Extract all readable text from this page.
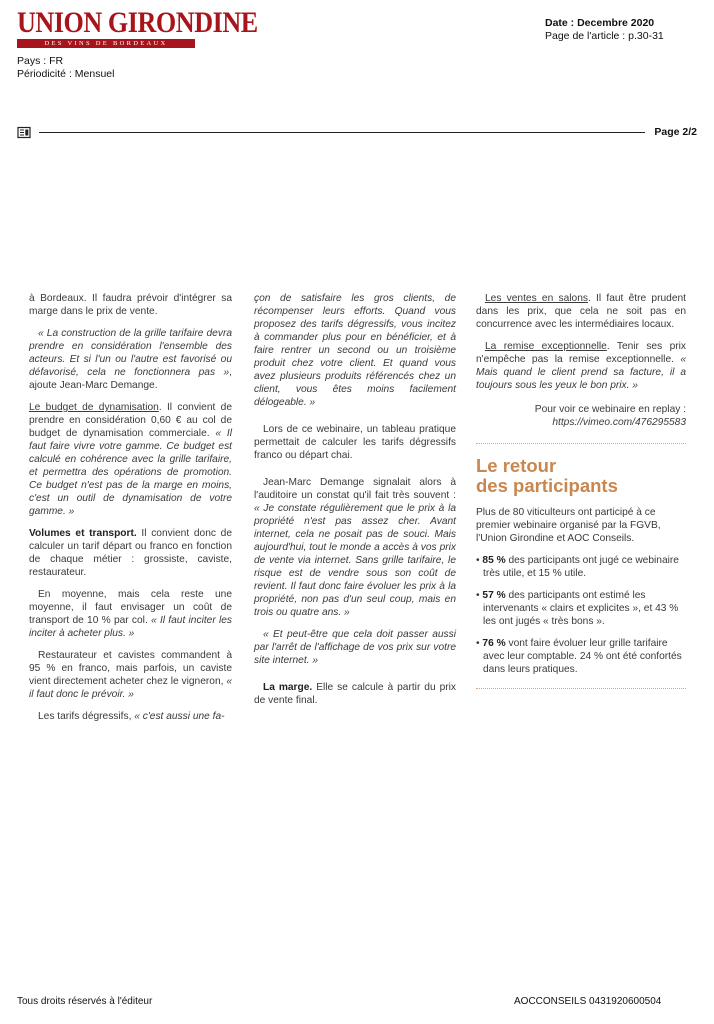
UNION GIRONDINE
DES VINS DE BORDEAUX
Pays : FR
Périodicité : Mensuel
Date : Decembre 2020
Page de l'article : p.30-31
Page 2/2

à Bordeaux. Il faudra prévoir d'intégrer sa marge dans le prix de vente.

« La construction de la grille tarifaire devra prendre en considération l'ensemble des acteurs. Et si l'un ou l'autre est favorisé ou défavorisé, cela ne fonctionnera pas », ajoute Jean-Marc Demange.

Le budget de dynamisation. Il convient de prendre en considération 0,60 € au col de budget de dynamisation commerciale. « Il faut faire vivre votre gamme. Ce budget est calculé en cohérence avec la grille tarifaire, et permettra des opérations de promotion. Ce budget n'est pas de la marge en moins, c'est un outil de dynamisation de votre gamme. »

Volumes et transport. Il convient donc de calculer un tarif départ ou franco en fonction de chaque métier : grossiste, caviste, restaurateur.

En moyenne, mais cela reste une moyenne, il faut envisager un coût de transport de 10 % par col. « Il faut inciter les inciter à acheter plus. »

Restaurateur et cavistes commandent à 95 % en franco, mais parfois, un caviste vient directement acheter chez le vigneron, « il faut donc le prévoir. »

Les tarifs dégressifs, « c'est aussi une fa-

çon de satisfaire les gros clients, de récompenser leurs efforts. Quand vous proposez des tarifs dégressifs, vous incitez à commander plus pour en bénéficier, et à faire rentrer un second ou un troisième produit chez votre client. Et quand vous avez plusieurs produits référencés chez un client, vous êtes moins facilement délogeable. »

Lors de ce webinaire, un tableau pratique permettait de calculer les tarifs dégressifs franco ou départ chai.

Jean-Marc Demange signalait alors à l'auditoire un constat qu'il fait très souvent : « Je constate régulièrement que le prix à la propriété n'est pas assez cher. Avant internet, cela ne posait pas de souci. Mais aujourd'hui, tout le monde a accès à vos prix de vente via internet. Sans grille tarifaire, le risque est de vendre sous son coût de revient. Il faut donc faire évoluer les prix à la propriété, non pas d'un seul coup, mais en trois ou quatre ans. »

« Et peut-être que cela doit passer aussi par l'arrêt de l'affichage de vos prix sur votre site internet. »

La marge. Elle se calcule à partir du prix de vente final.

Les ventes en salons. Il faut être prudent dans les prix, que cela ne soit pas en concurrence avec les intermédiaires locaux.

La remise exceptionnelle. Tenir ses prix n'empêche pas la remise exceptionnelle. « Mais quand le client prend sa facture, il a toujours sous les yeux le bon prix. »

Pour voir ce webinaire en replay :
https://vimeo.com/476295583
Le retour
des participants

Plus de 80 viticulteurs ont participé à ce premier webinaire organisé par la FGVB, l'Union Girondine et AOC Conseils.

• 85 % des participants ont jugé ce webinaire très utile, et 15 % utile.
• 57 % des participants ont estimé les intervenants « clairs et explicites », et 43 % les ont jugés « très bons ».
• 76 % vont faire évoluer leur grille tarifaire avec leur comptable. 24 % ont été confortés dans leurs pratiques.
Tous droits réservés à l'éditeur	AOCCONSEILS 0431920600504
